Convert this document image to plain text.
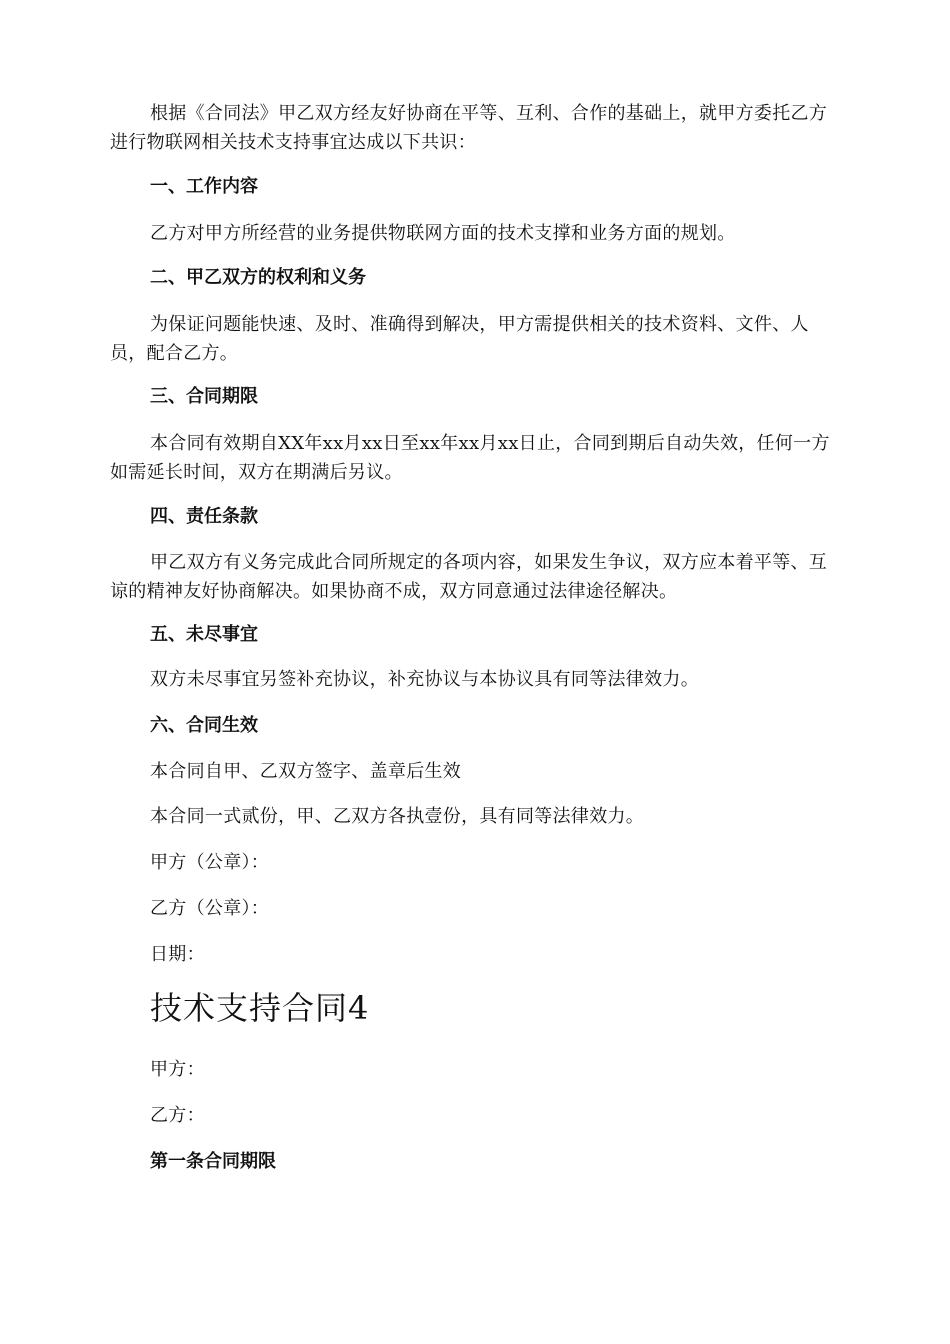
根据《合同法》甲乙双方经友好协商在平等、互利、合作的基础上，就甲方委托乙方进行物联网相关技术支持事宜达成以下共识：

一、工作内容

乙方对甲方所经营的业务提供物联网方面的技术支撑和业务方面的规划。

二、甲乙双方的权利和义务

为保证问题能快速、及时、准确得到解决，甲方需提供相关的技术资料、文件、人员，配合乙方。

三、合同期限

本合同有效期自XX年xx月xx日至xx年xx月xx日止，合同到期后自动失效，任何一方如需延长时间，双方在期满后另议。

四、责任条款

甲乙双方有义务完成此合同所规定的各项内容，如果发生争议，双方应本着平等、互谅的精神友好协商解决。如果协商不成，双方同意通过法律途径解决。

五、未尽事宜

双方未尽事宜另签补充协议，补充协议与本协议具有同等法律效力。

六、合同生效

本合同自甲、乙双方签字、盖章后生效

本合同一式贰份，甲、乙双方各执壹份，具有同等法律效力。

甲方（公章）：

乙方（公章）：

日期：

技术支持合同4

甲方：

乙方：

第一条合同期限
